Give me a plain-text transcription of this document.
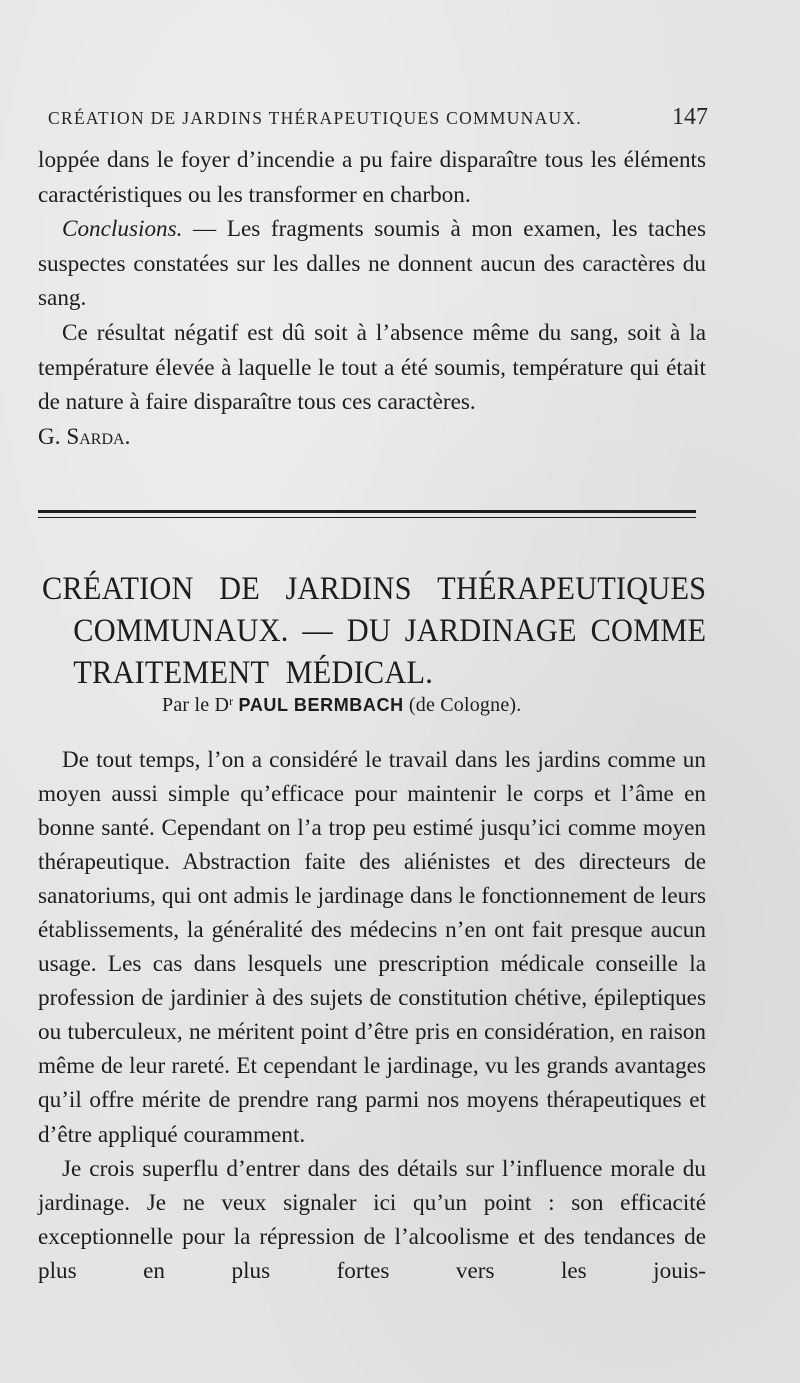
CRÉATION DE JARDINS THÉRAPEUTIQUES COMMUNAUX.	147

loppée dans le foyer d’incendie a pu faire disparaître tous les éléments caractéristiques ou les transformer en charbon.

Conclusions. — Les fragments soumis à mon examen, les taches suspectes constatées sur les dalles ne donnent aucun des caractères du sang.

Ce résultat négatif est dû soit à l’absence même du sang, soit à la température élevée à laquelle le tout a été soumis, température qui était de nature à faire disparaître tous ces caractères.

G. Sarda.

CRÉATION DE JARDINS THÉRAPEUTIQUES
COMMUNAUX. — DU JARDINAGE COMME
TRAITEMENT MÉDICAL.
Par le $D^r$ PAUL BERMBACH (de Cologne).

De tout temps, l’on a considéré le travail dans les jardins comme un moyen aussi simple qu’efficace pour maintenir le corps et l’âme en bonne santé. Cependant on l’a trop peu estimé jusqu’ici comme moyen thérapeutique. Abstraction faite des aliénistes et des directeurs de sanatoriums, qui ont admis le jardinage dans le fonctionnement de leurs établissements, la généralité des médecins n’en ont fait presque aucun usage. Les cas dans lesquels une prescription médicale conseille la profession de jardinier à des sujets de constitution chétive, épileptiques ou tuberculeux, ne méritent point d’être pris en considération, en raison même de leur rareté. Et cependant le jardinage, vu les grands avantages qu’il offre mérite de prendre rang parmi nos moyens thérapeutiques et d’être appliqué couramment.

Je crois superflu d’entrer dans des détails sur l’influence morale du jardinage. Je ne veux signaler ici qu’un point : son efficacité exceptionnelle pour la répression de l’alcoolisme et des tendances de plus en plus fortes vers les jouis-
